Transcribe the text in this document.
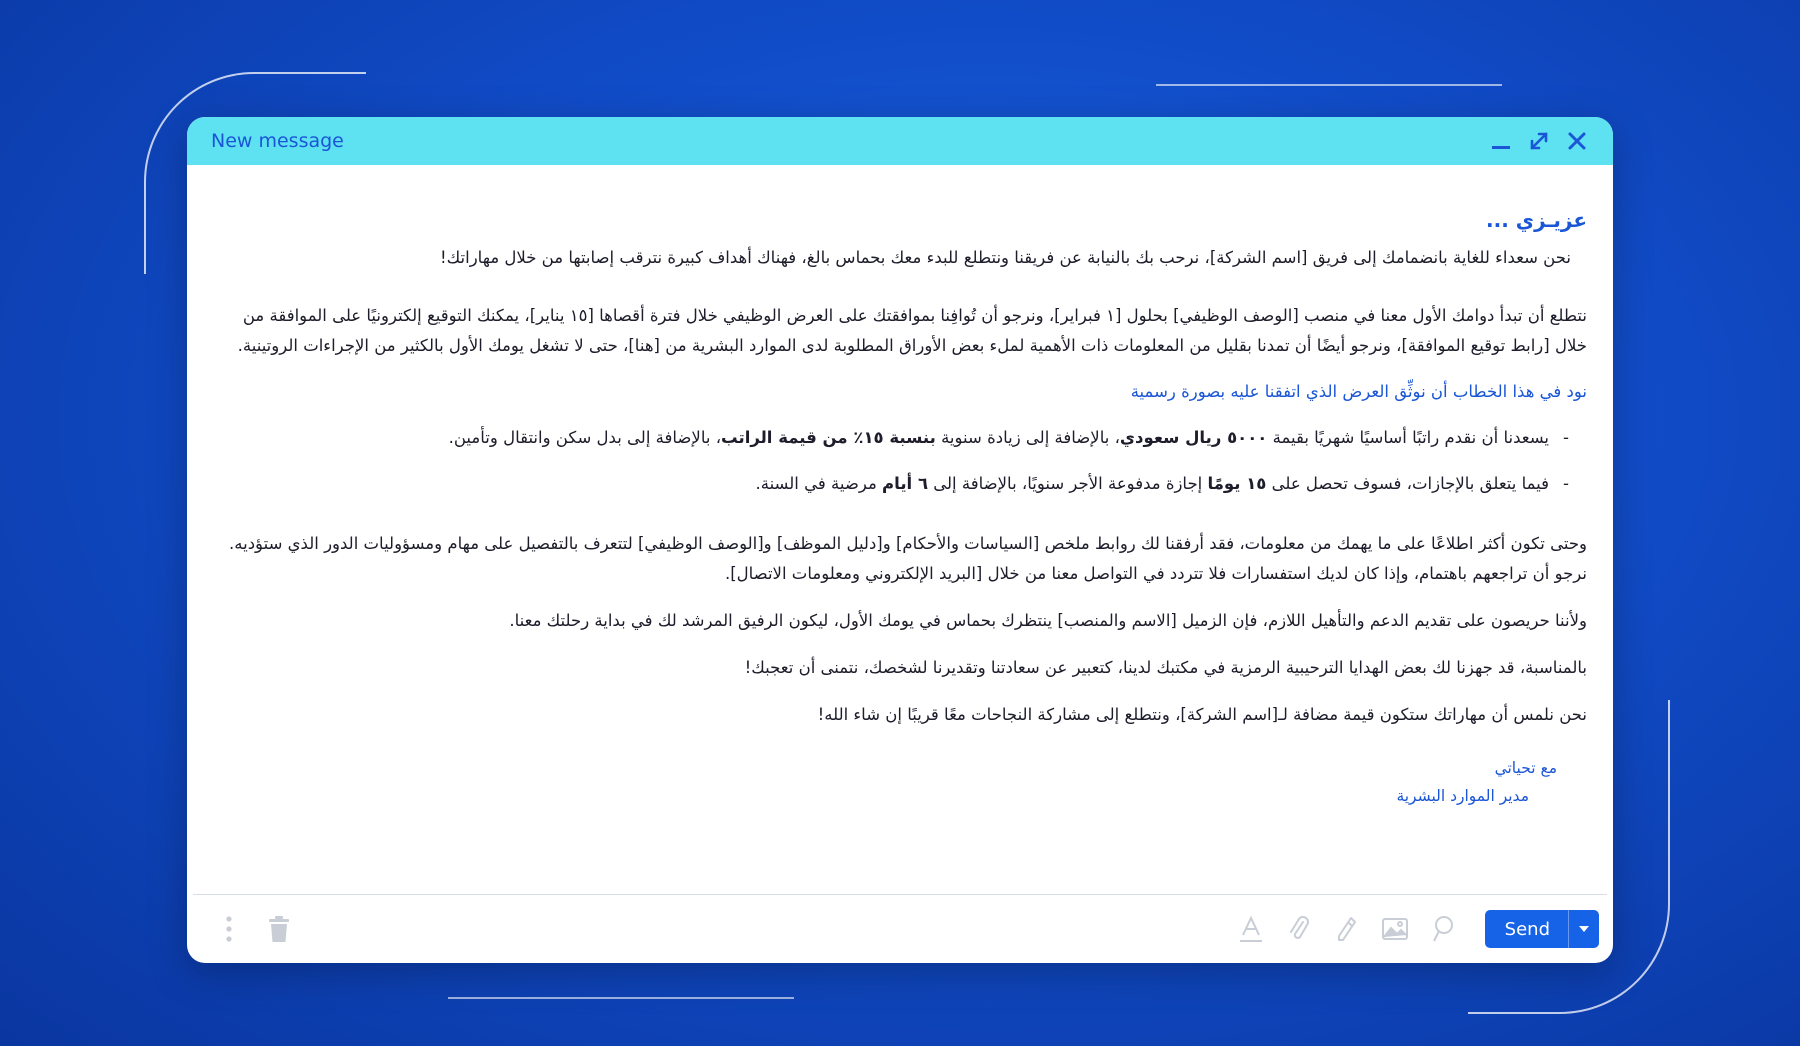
New message

عزيـزي ...

نحن سعداء للغاية بانضمامك إلى فريق [اسم الشركة]، نرحب بك بالنيابة عن فريقنا ونتطلع للبدء معك بحماس بالغ، فهناك أهداف كبيرة نترقب إصابتها من خلال مهاراتك!

نتطلع أن تبدأ دوامك الأول معنا في منصب [الوصف الوظيفي] بحلول [١ فبراير]، ونرجو أن تُوافِنا بموافقتك على العرض الوظيفي خلال فترة أقصاها [١٥ يناير]، يمكنك التوقيع إلكترونيًا على الموافقة من خلال [رابط توقيع الموافقة]، ونرجو أيضًا أن تمدنا بقليل من المعلومات ذات الأهمية لملء بعض الأوراق المطلوبة لدى الموارد البشرية من [هنا]، حتى لا تشغل يومك الأول بالكثير من الإجراءات الروتينية.

نود في هذا الخطاب أن نوثِّق العرض الذي اتفقنا عليه بصورة رسمية

-يسعدنا أن نقدم راتبًا أساسيًا شهريًا بقيمة ٥٠٠٠ ريال سعودي، بالإضافة إلى زيادة سنوية بنسبة ١٥٪ من قيمة الراتب، بالإضافة إلى بدل سكن وانتقال وتأمين.
-فيما يتعلق بالإجازات، فسوف تحصل على ١٥ يومًا إجازة مدفوعة الأجر سنويًا، بالإضافة إلى ٦ أيام مرضية في السنة.

وحتى تكون أكثر اطلاعًا على ما يهمك من معلومات، فقد أرفقنا لك روابط ملخص [السياسات والأحكام] و[دليل الموظف] و[الوصف الوظيفي] لتتعرف بالتفصيل على مهام ومسؤوليات الدور الذي ستؤديه. نرجو أن تراجعهم باهتمام، وإذا كان لديك استفسارات فلا تتردد في التواصل معنا من خلال [البريد الإلكتروني ومعلومات الاتصال].

ولأننا حريصون على تقديم الدعم والتأهيل اللازم، فإن الزميل [الاسم والمنصب] ينتظرك بحماس في يومك الأول، ليكون الرفيق المرشد لك في بداية رحلتك معنا.

بالمناسبة، قد جهزنا لك بعض الهدايا الترحيبية الرمزية في مكتبك لدينا، كتعبير عن سعادتنا وتقديرنا لشخصك، نتمنى أن تعجبك!

نحن نلمس أن مهاراتك ستكون قيمة مضافة لـ[اسم الشركة]، ونتطلع إلى مشاركة النجاحات معًا قريبًا إن شاء الله!

مع تحياتي
مدير الموارد البشرية
Send
